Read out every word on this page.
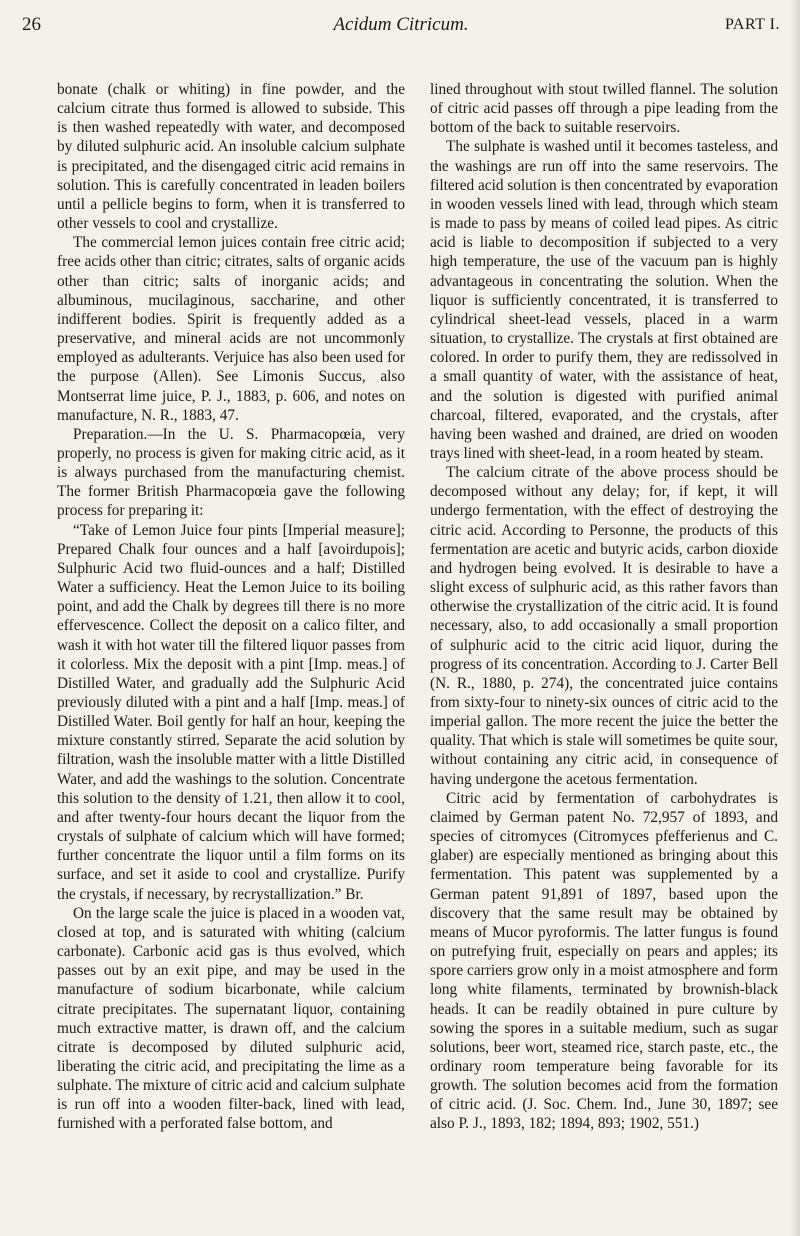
26	Acidum Citricum.	PART I.

bonate (chalk or whiting) in fine powder, and the calcium citrate thus formed is allowed to subside. This is then washed repeatedly with water, and decomposed by diluted sulphuric acid. An insoluble calcium sulphate is precipitated, and the disengaged citric acid remains in solution. This is carefully concentrated in leaden boilers until a pellicle begins to form, when it is transferred to other vessels to cool and crystallize.

The commercial lemon juices contain free citric acid; free acids other than citric; citrates, salts of organic acids other than citric; salts of inorganic acids; and albuminous, mucilaginous, saccharine, and other indifferent bodies. Spirit is frequently added as a preservative, and mineral acids are not uncommonly employed as adulterants. Verjuice has also been used for the purpose (Allen). See Limonis Succus, also Montserrat lime juice, P. J., 1883, p. 606, and notes on manufacture, N. R., 1883, 47.

Preparation.—In the U. S. Pharmacopœia, very properly, no process is given for making citric acid, as it is always purchased from the manufacturing chemist. The former British Pharmacopœia gave the following process for preparing it:

“Take of Lemon Juice four pints [Imperial measure]; Prepared Chalk four ounces and a half [avoirdupois]; Sulphuric Acid two fluid-ounces and a half; Distilled Water a sufficiency. Heat the Lemon Juice to its boiling point, and add the Chalk by degrees till there is no more effervescence. Collect the deposit on a calico filter, and wash it with hot water till the filtered liquor passes from it colorless. Mix the deposit with a pint [Imp. meas.] of Distilled Water, and gradually add the Sulphuric Acid previously diluted with a pint and a half [Imp. meas.] of Distilled Water. Boil gently for half an hour, keeping the mixture constantly stirred. Separate the acid solution by filtration, wash the insoluble matter with a little Distilled Water, and add the washings to the solution. Concentrate this solution to the density of 1.21, then allow it to cool, and after twenty-four hours decant the liquor from the crystals of sulphate of calcium which will have formed; further concentrate the liquor until a film forms on its surface, and set it aside to cool and crystallize. Purify the crystals, if necessary, by recrystallization.” Br.

On the large scale the juice is placed in a wooden vat, closed at top, and is saturated with whiting (calcium carbonate). Carbonic acid gas is thus evolved, which passes out by an exit pipe, and may be used in the manufacture of sodium bicarbonate, while calcium citrate precipitates. The supernatant liquor, containing much extractive matter, is drawn off, and the calcium citrate is decomposed by diluted sulphuric acid, liberating the citric acid, and precipitating the lime as a sulphate. The mixture of citric acid and calcium sulphate is run off into a wooden filter-back, lined with lead, furnished with a perforated false bottom, and

lined throughout with stout twilled flannel. The solution of citric acid passes off through a pipe leading from the bottom of the back to suitable reservoirs.

The sulphate is washed until it becomes tasteless, and the washings are run off into the same reservoirs. The filtered acid solution is then concentrated by evaporation in wooden vessels lined with lead, through which steam is made to pass by means of coiled lead pipes. As citric acid is liable to decomposition if subjected to a very high temperature, the use of the vacuum pan is highly advantageous in concentrating the solution. When the liquor is sufficiently concentrated, it is transferred to cylindrical sheet-lead vessels, placed in a warm situation, to crystallize. The crystals at first obtained are colored. In order to purify them, they are redissolved in a small quantity of water, with the assistance of heat, and the solution is digested with purified animal charcoal, filtered, evaporated, and the crystals, after having been washed and drained, are dried on wooden trays lined with sheet-lead, in a room heated by steam.

The calcium citrate of the above process should be decomposed without any delay; for, if kept, it will undergo fermentation, with the effect of destroying the citric acid. According to Personne, the products of this fermentation are acetic and butyric acids, carbon dioxide and hydrogen being evolved. It is desirable to have a slight excess of sulphuric acid, as this rather favors than otherwise the crystallization of the citric acid. It is found necessary, also, to add occasionally a small proportion of sulphuric acid to the citric acid liquor, during the progress of its concentration. According to J. Carter Bell (N. R., 1880, p. 274), the concentrated juice contains from sixty-four to ninety-six ounces of citric acid to the imperial gallon. The more recent the juice the better the quality. That which is stale will sometimes be quite sour, without containing any citric acid, in consequence of having undergone the acetous fermentation.

Citric acid by fermentation of carbohydrates is claimed by German patent No. 72,957 of 1893, and species of citromyces (Citromyces pfefferienus and C. glaber) are especially mentioned as bringing about this fermentation. This patent was supplemented by a German patent 91,891 of 1897, based upon the discovery that the same result may be obtained by means of Mucor pyroformis. The latter fungus is found on putrefying fruit, especially on pears and apples; its spore carriers grow only in a moist atmosphere and form long white filaments, terminated by brownish-black heads. It can be readily obtained in pure culture by sowing the spores in a suitable medium, such as sugar solutions, beer wort, steamed rice, starch paste, etc., the ordinary room temperature being favorable for its growth. The solution becomes acid from the formation of citric acid. (J. Soc. Chem. Ind., June 30, 1897; see also P. J., 1893, 182; 1894, 893; 1902, 551.)
